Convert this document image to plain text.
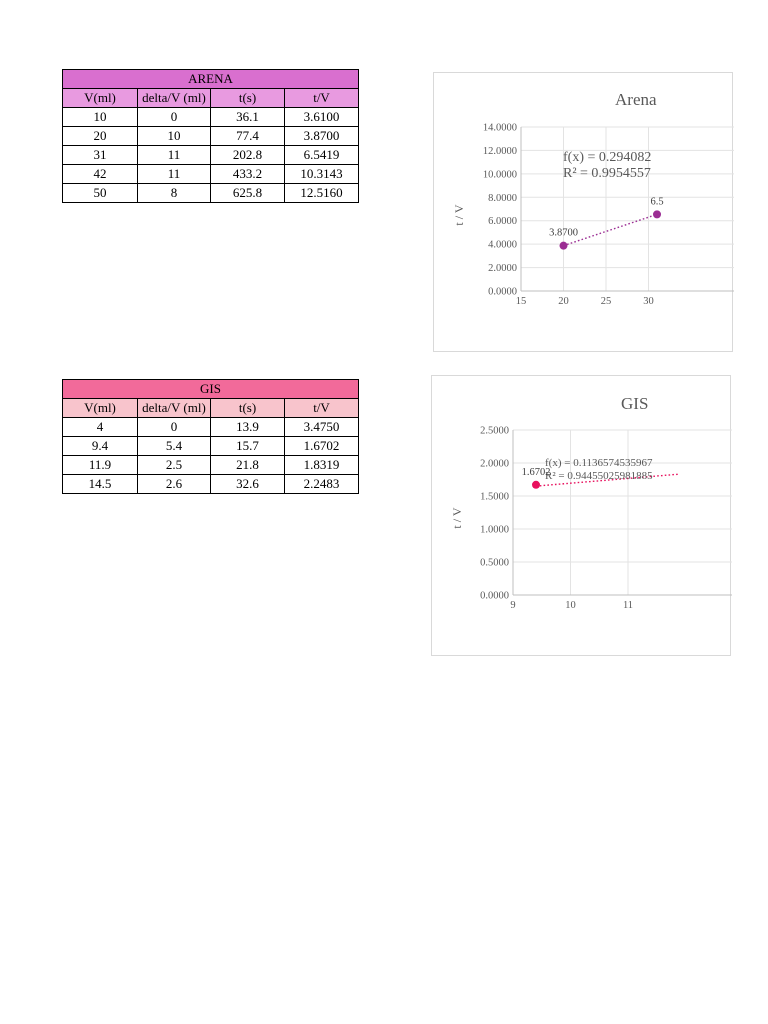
ARENA			
V(ml)	delta/V (ml)	t(s)	t/V
10	0	36.1	3.6100
20	10	77.4	3.8700
31	11	202.8	6.5419
42	11	433.2	10.3143
50	8	625.8	12.5160
GIS			
V(ml)	delta/V (ml)	t(s)	t/V
4	0	13.9	3.4750
9.4	5.4	15.7	1.6702
11.9	2.5	21.8	1.8319
14.5	2.6	32.6	2.2483
Arena
0.0000
2.0000
4.0000
6.0000
8.0000
10.0000
12.0000
14.0000
15	20	25	30
t / V
f(x) = 0.294082
R² = 0.9954557
3.8700
6.5
GIS
0.0000
0.5000
1.0000
1.5000
2.0000
2.5000
9	10	11
t / V
f(x) = 0.1136574535967
R² = 0.94455025981885
1.6702
